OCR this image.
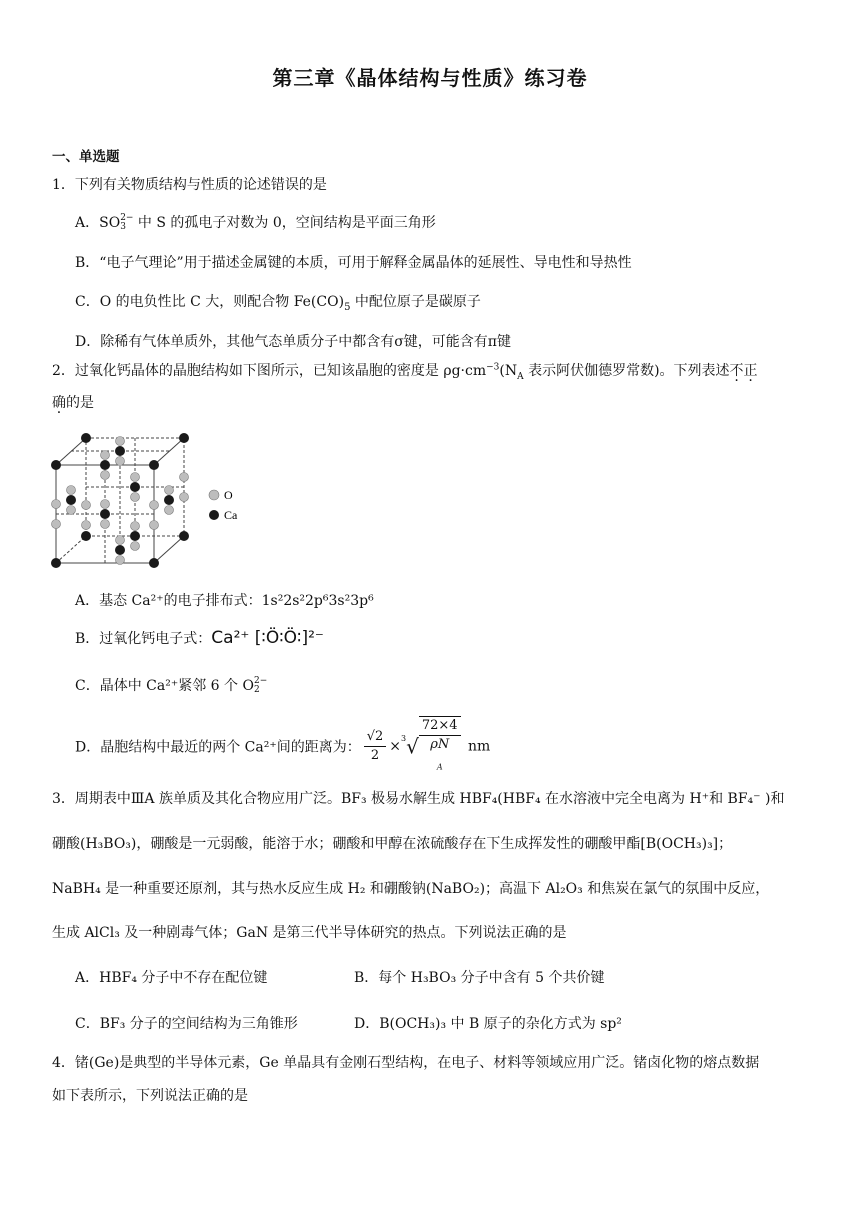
第三章《晶体结构与性质》练习卷
一、单选题
1．下列有关物质结构与性质的论述错误的是
A．SO 2−
3 中 S 的孤电子对数为 0，空间结构是平面三角形
B．“电子气理论”用于描述金属键的本质，可用于解释金属晶体的延展性、导电性和导热性
C．O 的电负性比 C 大，则配合物 $Fe(CO)_5$ 中配位原子是碳原子
D．除稀有气体单质外，其他气态单质分子中都含有σ键，可能含有π键
2．过氧化钙晶体的晶胞结构如下图所示，已知该晶胞的密度是 $\rho g\cdot cm^{-3}(N_A$ 表示阿伏伽德罗常数)。下列表述不正
确的是
O
Ca
A．基态 Ca²⁺的电子排布式：1s²2s²2p⁶3s²3p⁶
B．过氧化钙电子式：Ca²⁺ [∶Ö∶Ö∶]²⁻
C．晶体中 Ca²⁺紧邻 6 个 O 2−
2
D．晶胞结构中最近的两个 Ca²⁺间的距离为： $\frac{√2}{2} \times^3√$ 72×4
ρN
$_A$ nm
3．周期表中ⅢA 族单质及其化合物应用广泛。BF₃ 极易水解生成 HBF₄(HBF₄ 在水溶液中完全电离为 H⁺和 BF₄⁻ )和
硼酸(H₃BO₃)，硼酸是一元弱酸，能溶于水；硼酸和甲醇在浓硫酸存在下生成挥发性的硼酸甲酯[B(OCH₃)₃]；
NaBH₄ 是一种重要还原剂，其与热水反应生成 H₂ 和硼酸钠(NaBO₂)；高温下 Al₂O₃ 和焦炭在氯气的氛围中反应，
生成 AlCl₃ 及一种剧毒气体；GaN 是第三代半导体研究的热点。下列说法正确的是
A．HBF₄ 分子中不存在配位键	B．每个 H₃BO₃ 分子中含有 5 个共价键
C．BF₃ 分子的空间结构为三角锥形	D．B(OCH₃)₃ 中 B 原子的杂化方式为 sp²
4．锗(Ge)是典型的半导体元素，Ge 单晶具有金刚石型结构，在电子、材料等领域应用广泛。锗卤化物的熔点数据
如下表所示，下列说法正确的是
